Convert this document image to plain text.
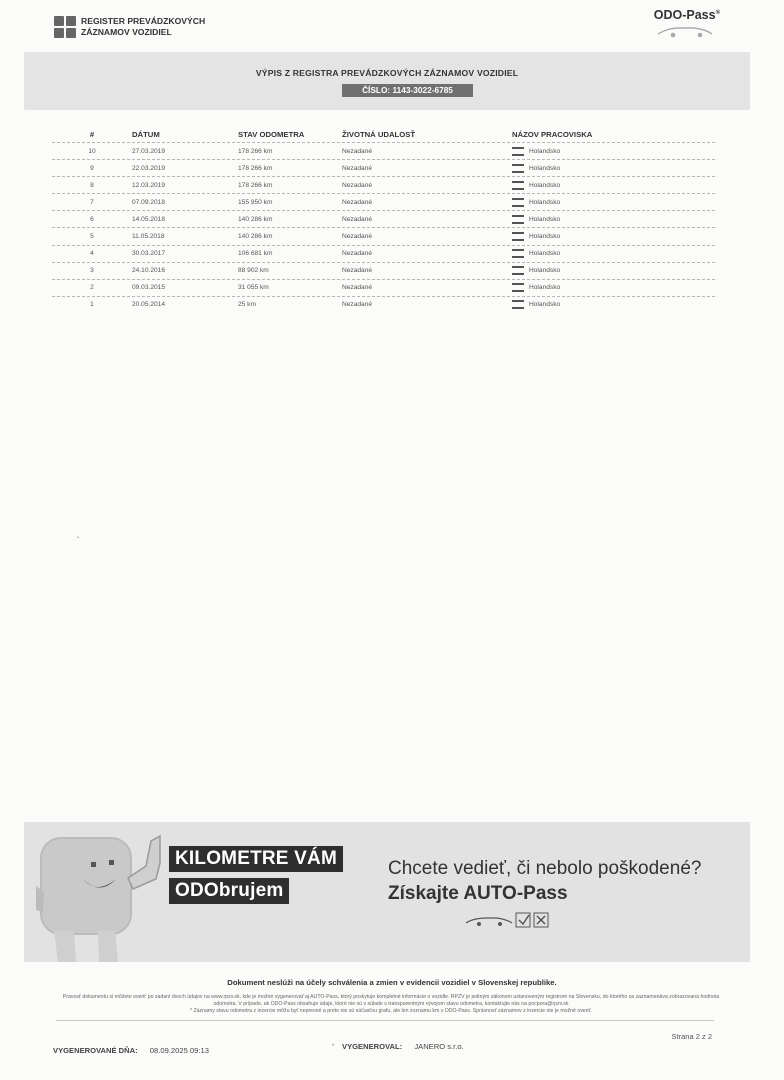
REGISTER PREVÁDZKOVÝCH
ZÁZNAMOV VOZIDIEL
ODO-Pass®
VÝPIS Z REGISTRA PREVÁDZKOVÝCH ZÁZNAMOV VOZIDIEL
ČÍSLO: 1143-3022-6785
#	DÁTUM	STAV ODOMETRA	ŽIVOTNÁ UDALOSŤ	NÁZOV PRACOVISKA
10	27.03.2019	178 266 km	Nezadané	Holandsko
9	22.03.2019	178 266 km	Nezadané	Holandsko
8	12.03.2019	178 266 km	Nezadané	Holandsko
7	07.09.2018	155 950 km	Nezadané	Holandsko
6	14.05.2018	140 286 km	Nezadané	Holandsko
5	11.05.2018	140 286 km	Nezadané	Holandsko
4	30.03.2017	106 681 km	Nezadané	Holandsko
3	24.10.2016	88 902 km	Nezadané	Holandsko
2	09.03.2015	31 055 km	Nezadané	Holandsko
1	20.05.2014	25 km	Nezadané	Holandsko
‘
KILOMETRE VÁM
ODObrujem
Chcete vedieť, či nebolo poškodené?
Získajte AUTO-Pass
Dokument neslúži na účely schválenia a zmien v evidencii vozidiel v Slovenskej republike.
Pravosť dokumentu si môžete overiť po zadaní dvoch údajov na www.rpzv.sk, kde je možné vygenerovať aj AUTO-Pass, ktorý poskytuje kompletné informácie o vozidle. RPZV je jediným zákonom ustanoveným registrom na Slovensku, do ktorého sa zaznamenáva zobrazovaná hodnota odometra. V prípade, ak ODO-Pass obsahuje údaje, ktoré nie sú v súlade s transparentným vývojom stavu odometra, kontaktujte nás na pocpora@rpzv.sk
* Záznamy stavu odometra z inzercie môžu byť nepresné a preto nie sú súčasťou grafu, ale len zoznamu km v ODO-Pass. Správnosť záznamov z inzercie nie je možné overiť.
Strana 2 z 2
VYGENEROVANÉ DŇA: 08.09.2025 09:13	• VYGENEROVAL: JANERO s.r.o.
